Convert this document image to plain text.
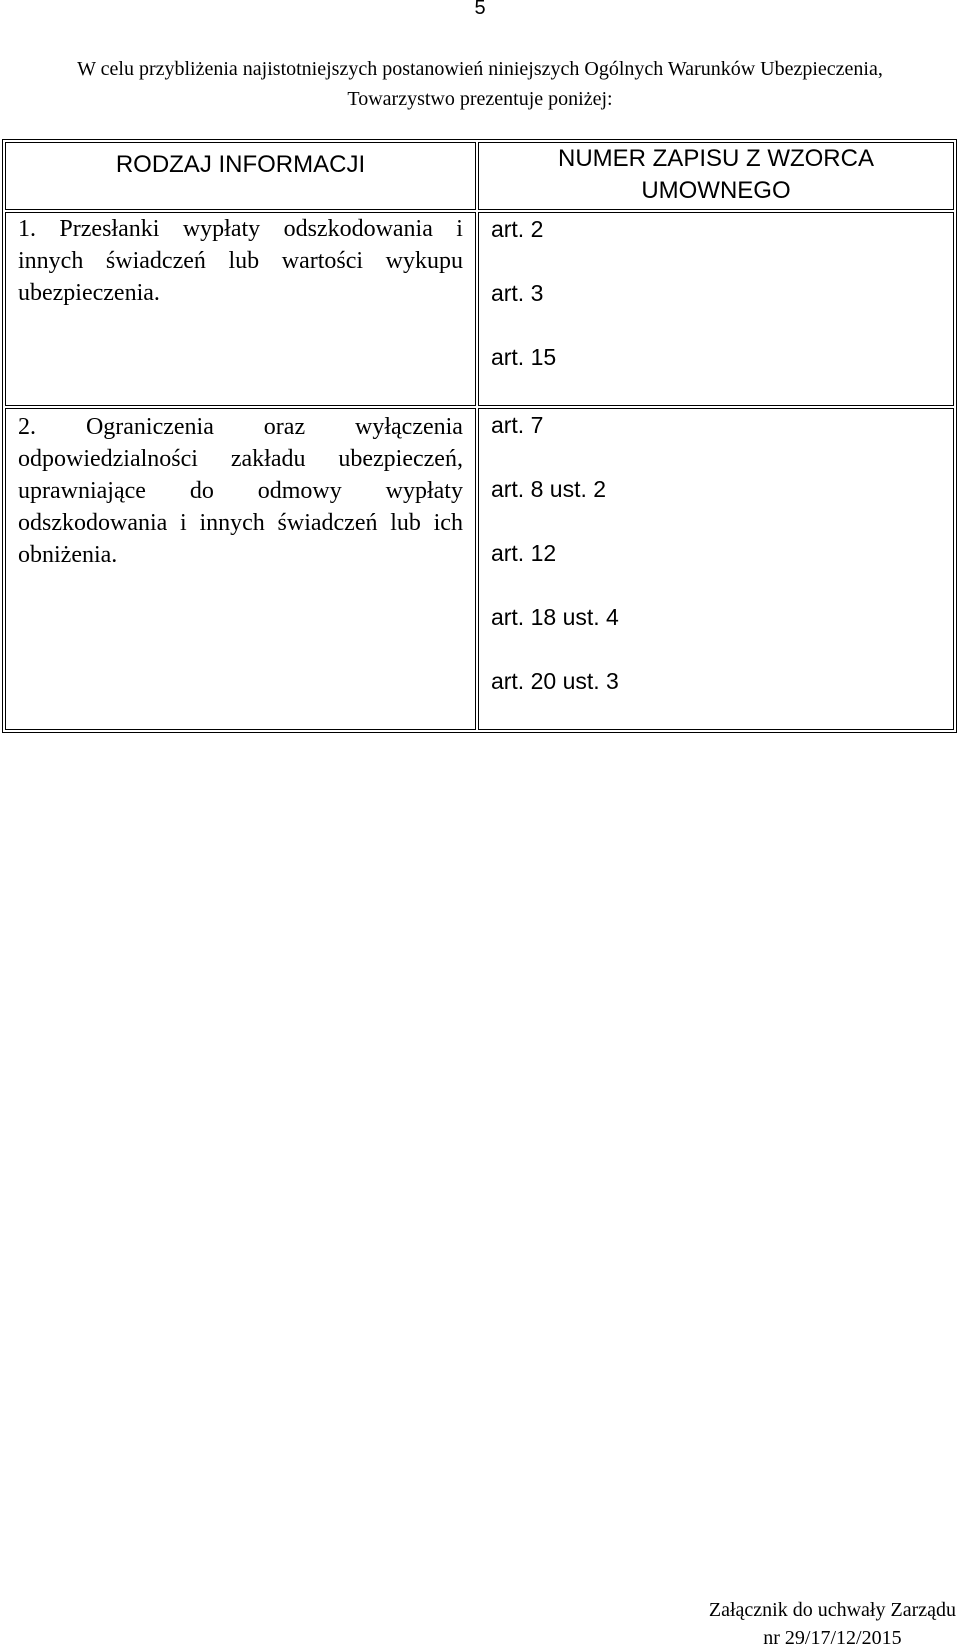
5
W celu przybliżenia najistotniejszych postanowień niniejszych Ogólnych Warunków Ubezpieczenia,
Towarzystwo prezentuje poniżej:
RODZAJ INFORMACJI	NUMER ZAPISU Z WZORCA UMOWNEGO
1. Przesłanki wypłaty odszkodowania i innych świadczeń lub wartości wykupu ubezpieczenia.	art. 2
art. 3
art. 15

2. Ograniczenia oraz wyłączenia odpowiedzialności zakładu ubezpieczeń, uprawniające do odmowy wypłaty odszkodowania i innych świadczeń lub ich obniżenia.	art. 7
art. 8 ust. 2
art. 12
art. 18 ust. 4
art. 20 ust. 3
Załącznik do uchwały Zarządu
nr 29/17/12/2015
